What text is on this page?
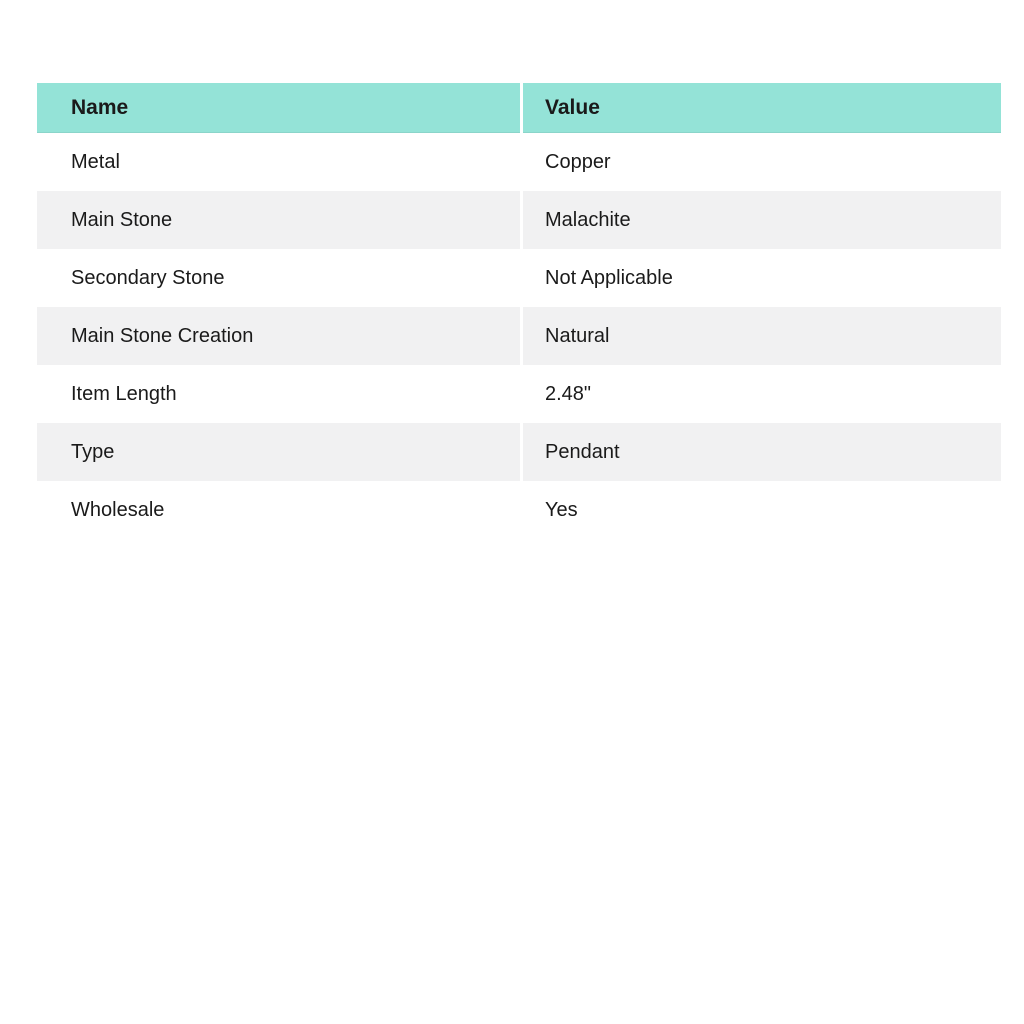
Name	Value
Metal	Copper
Main Stone	Malachite
Secondary Stone	Not Applicable
Main Stone Creation	Natural
Item Length	2.48"
Type	Pendant
Wholesale	Yes
